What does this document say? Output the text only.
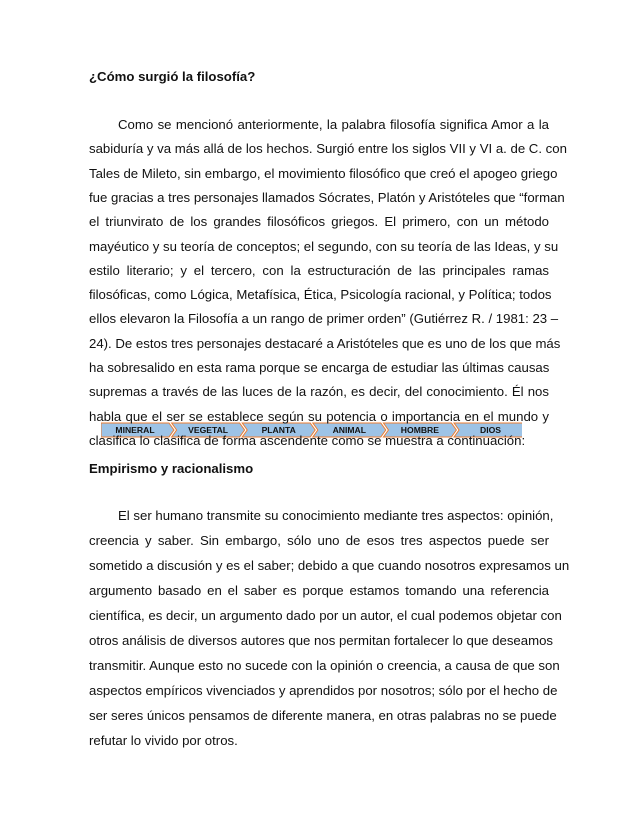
¿Cómo surgió la filosofía?
Como se mencionó anteriormente, la palabra filosofía significa Amor a la
sabiduría y va más allá de los hechos. Surgió entre los siglos VII y VI a. de C. con
Tales de Mileto, sin embargo, el movimiento filosófico que creó el apogeo griego
fue gracias a tres personajes llamados Sócrates, Platón y Aristóteles que “forman
el triunvirato de los grandes filosóficos griegos. El primero, con un método
mayéutico y su teoría de conceptos; el segundo, con su teoría de las Ideas, y su
estilo literario; y el tercero, con la estructuración de las principales ramas
filosóficas, como Lógica, Metafísica, Ética, Psicología racional, y Política; todos
ellos elevaron la Filosofía a un rango de primer orden” (Gutiérrez R. / 1981: 23 –
24). De estos tres personajes destacaré a Aristóteles que es uno de los que más
ha sobresalido en esta rama porque se encarga de estudiar las últimas causas
supremas a través de las luces de la razón, es decir, del conocimiento. Él nos
MINERAL	VEGETAL	PLANTA	ANIMAL	HOMBRE	DIOS
Empirismo y racionalismo
El ser humano transmite su conocimiento mediante tres aspectos: opinión,
creencia y saber. Sin embargo, sólo uno de esos tres aspectos puede ser
sometido a discusión y es el saber; debido a que cuando nosotros expresamos un
argumento basado en el saber es porque estamos tomando una referencia
científica, es decir, un argumento dado por un autor, el cual podemos objetar con
otros análisis de diversos autores que nos permitan fortalecer lo que deseamos
transmitir. Aunque esto no sucede con la opinión o creencia, a causa de que son
aspectos empíricos vivenciados y aprendidos por nosotros; sólo por el hecho de
ser seres únicos pensamos de diferente manera, en otras palabras no se puede
refutar lo vivido por otros.
habla que el ser se establece según su potencia o importancia en el mundo y
clasifica lo clasifica de forma ascendente como se muestra a continuación:
